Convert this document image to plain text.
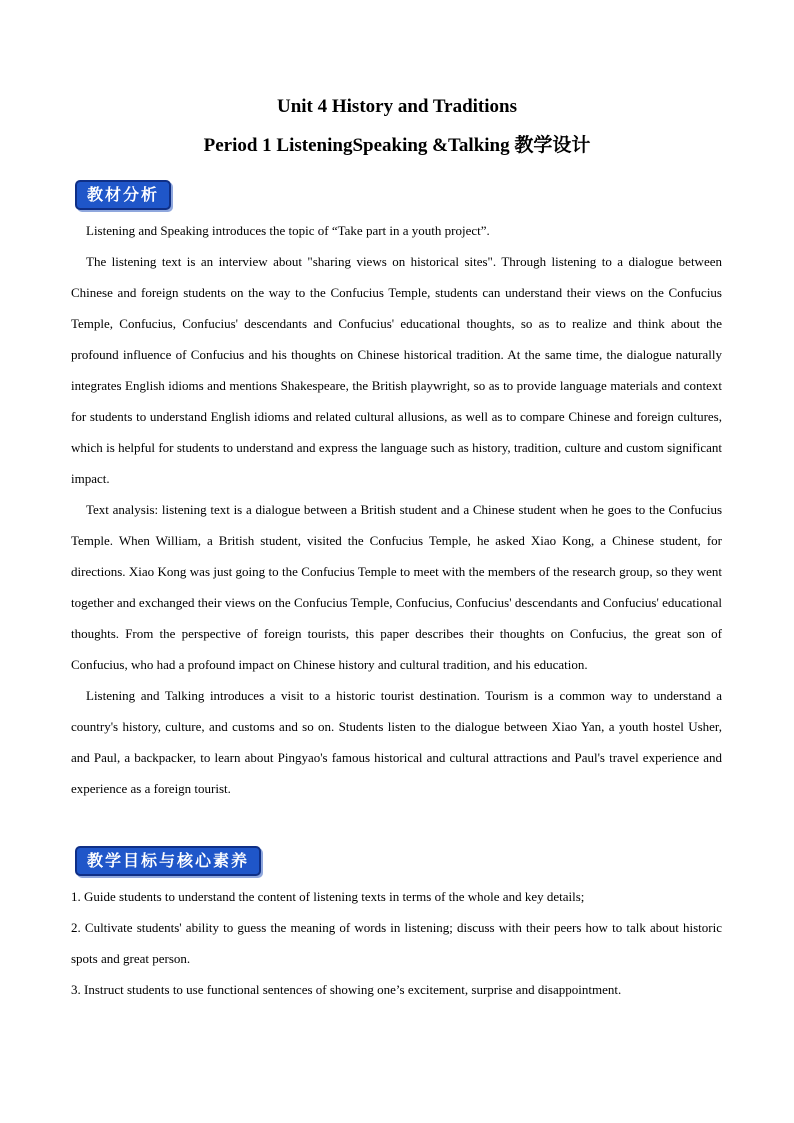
Unit 4 History and Traditions
Period 1 ListeningSpeaking &Talking 教学设计
教材分析

Listening and Speaking introduces the topic of “Take part in a youth project”.

The listening text is an interview about "sharing views on historical sites". Through listening to a dialogue between Chinese and foreign students on the way to the Confucius Temple, students can understand their views on the Confucius Temple, Confucius, Confucius' descendants and Confucius' educational thoughts, so as to realize and think about the profound influence of Confucius and his thoughts on Chinese historical tradition. At the same time, the dialogue naturally integrates English idioms and mentions Shakespeare, the British playwright, so as to provide language materials and context for students to understand English idioms and related cultural allusions, as well as to compare Chinese and foreign cultures, which is helpful for students to understand and express the language such as history, tradition, culture and custom significant impact.

Text analysis: listening text is a dialogue between a British student and a Chinese student when he goes to the Confucius Temple. When William, a British student, visited the Confucius Temple, he asked Xiao Kong, a Chinese student, for directions. Xiao Kong was just going to the Confucius Temple to meet with the members of the research group, so they went together and exchanged their views on the Confucius Temple, Confucius, Confucius' descendants and Confucius' educational thoughts. From the perspective of foreign tourists, this paper describes their thoughts on Confucius, the great son of Confucius, who had a profound impact on Chinese history and cultural tradition, and his education.

Listening and Talking introduces a visit to a historic tourist destination. Tourism is a common way to understand a country's history, culture, and customs and so on. Students listen to the dialogue between Xiao Yan, a youth hostel Usher, and Paul, a backpacker, to learn about Pingyao's famous historical and cultural attractions and Paul's travel experience and experience as a foreign tourist.

教学目标与核心素养

1. Guide students to understand the content of listening texts in terms of the whole and key details;

2. Cultivate students' ability to guess the meaning of words in listening; discuss with their peers how to talk about historic spots and great person.

3. Instruct students to use functional sentences of showing one’s excitement, surprise and disappointment.
